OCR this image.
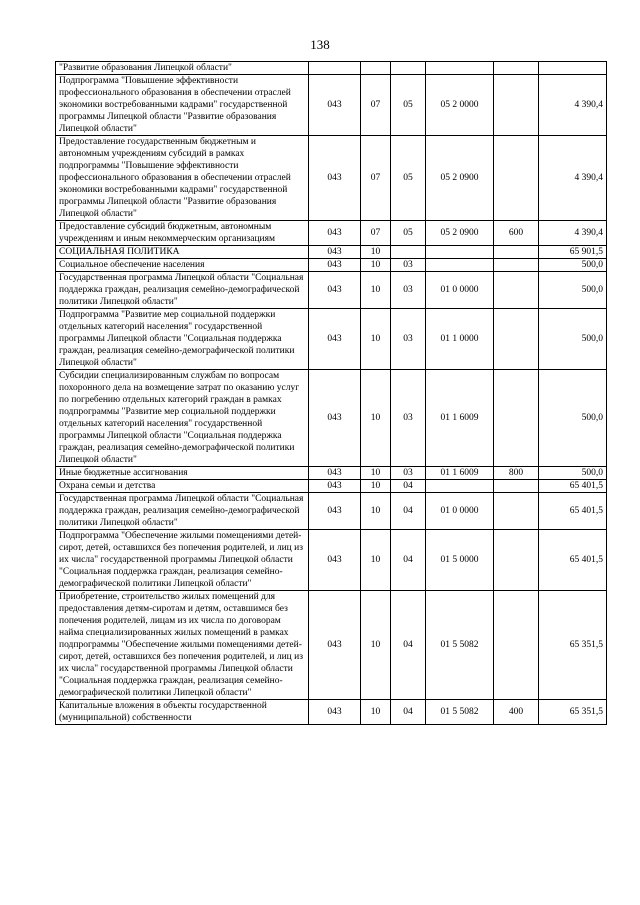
138
"Развитие образования Липецкой области"						
Подпрограмма "Повышение эффективности профессионального образования в обеспечении отраслей экономики востребованными кадрами" государственной программы Липецкой области "Развитие образования Липецкой области"	043	07	05	05 2 0000		4 390,4
Предоставление государственным бюджетным и автономным учреждениям субсидий в рамках подпрограммы "Повышение эффективности профессионального образования в обеспечении отраслей экономики востребованными кадрами" государственной программы Липецкой области "Развитие образования Липецкой области"	043	07	05	05 2 0900		4 390,4
Предоставление субсидий бюджетным, автономным учреждениям и иным некоммерческим организациям	043	07	05	05 2 0900	600	4 390,4
СОЦИАЛЬНАЯ ПОЛИТИКА	043	10				65 901,5
Социальное обеспечение населения	043	10	03			500,0
Государственная программа Липецкой области "Социальная поддержка граждан, реализация семейно-демографической политики Липецкой области"	043	10	03	01 0 0000		500,0
Подпрограмма "Развитие мер социальной поддержки отдельных категорий населения" государственной программы Липецкой области "Социальная поддержка граждан, реализация семейно-демографической политики Липецкой области"	043	10	03	01 1 0000		500,0
Субсидии специализированным службам по вопросам похоронного дела на возмещение затрат по оказанию услуг по погребению отдельных категорий граждан в рамках подпрограммы "Развитие мер социальной поддержки отдельных категорий населения" государственной программы Липецкой области "Социальная поддержка граждан, реализация семейно-демографической политики Липецкой области"	043	10	03	01 1 6009		500,0
Иные бюджетные ассигнования	043	10	03	01 1 6009	800	500,0
Охрана семьи и детства	043	10	04			65 401,5
Государственная программа Липецкой области "Социальная поддержка граждан, реализация семейно-демографической политики Липецкой области"	043	10	04	01 0 0000		65 401,5
Подпрограмма "Обеспечение жилыми помещениями детей-сирот, детей, оставшихся без попечения родителей, и лиц из их числа" государственной программы Липецкой области "Социальная поддержка граждан, реализация семейно-демографической политики Липецкой области"	043	10	04	01 5 0000		65 401,5
Приобретение, строительство жилых помещений для предоставления детям-сиротам и детям, оставшимся без попечения родителей, лицам из их числа по договорам найма специализированных жилых помещений в рамках подпрограммы "Обеспечение жилыми помещениями детей-сирот, детей, оставшихся без попечения родителей, и лиц из их числа" государственной программы Липецкой области "Социальная поддержка граждан, реализация семейно-демографической политики Липецкой области"	043	10	04	01 5 5082		65 351,5
Капитальные вложения в объекты государственной (муниципальной) собственности	043	10	04	01 5 5082	400	65 351,5
